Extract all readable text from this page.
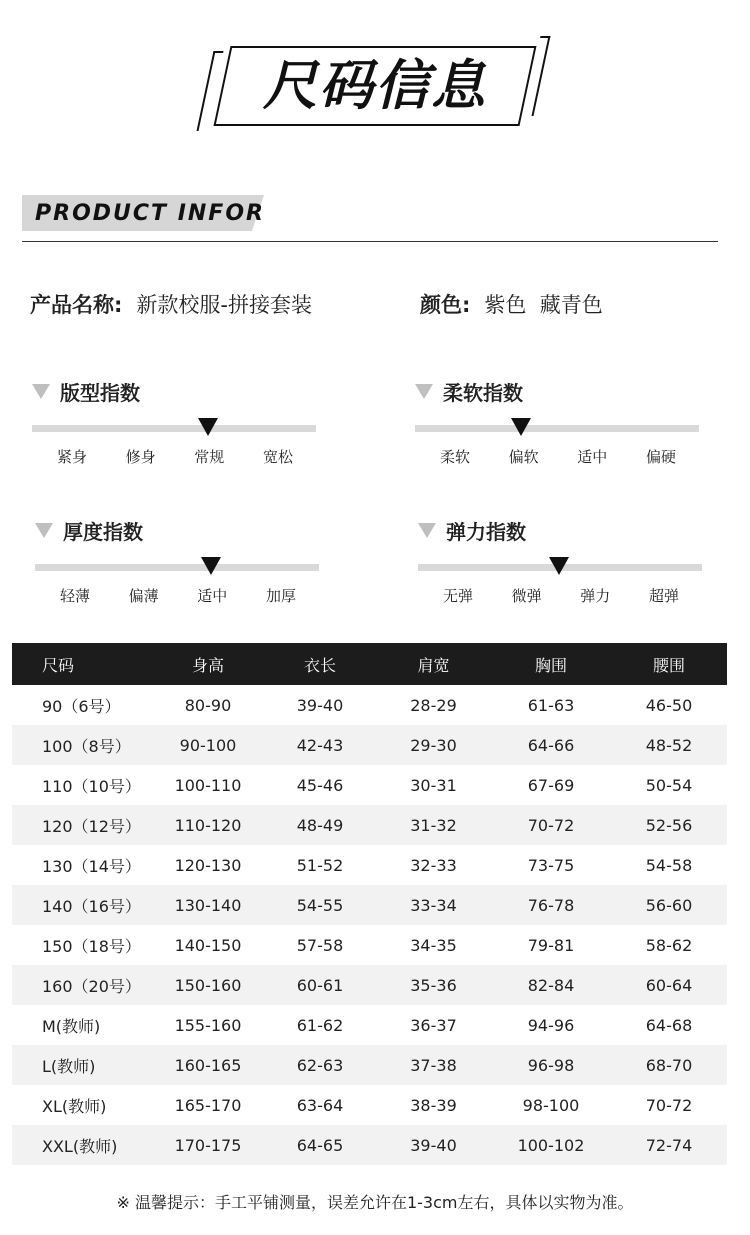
尺码信息
PRODUCT INFOR
产品名称: 新款校服-拼接套装	颜色: 紫色  藏青色
版型指数
紧身	修身	常规	宽松
柔软指数
柔软	偏软	适中	偏硬
厚度指数
轻薄	偏薄	适中	加厚
弹力指数
无弹	微弹	弹力	超弹
尺码	身高	衣长	肩宽	胸围	腰围
90（6号）	80-90	39-40	28-29	61-63	46-50
100（8号）	90-100	42-43	29-30	64-66	48-52
110（10号）	100-110	45-46	30-31	67-69	50-54
120（12号）	110-120	48-49	31-32	70-72	52-56
130（14号）	120-130	51-52	32-33	73-75	54-58
140（16号）	130-140	54-55	33-34	76-78	56-60
150（18号）	140-150	57-58	34-35	79-81	58-62
160（20号）	150-160	60-61	35-36	82-84	60-64
M(教师)	155-160	61-62	36-37	94-96	64-68
L(教师)	160-165	62-63	37-38	96-98	68-70
XL(教师)	165-170	63-64	38-39	98-100	70-72
XXL(教师)	170-175	64-65	39-40	100-102	72-74
※ 温馨提示：手工平铺测量，误差允许在1-3cm左右，具体以实物为准。
